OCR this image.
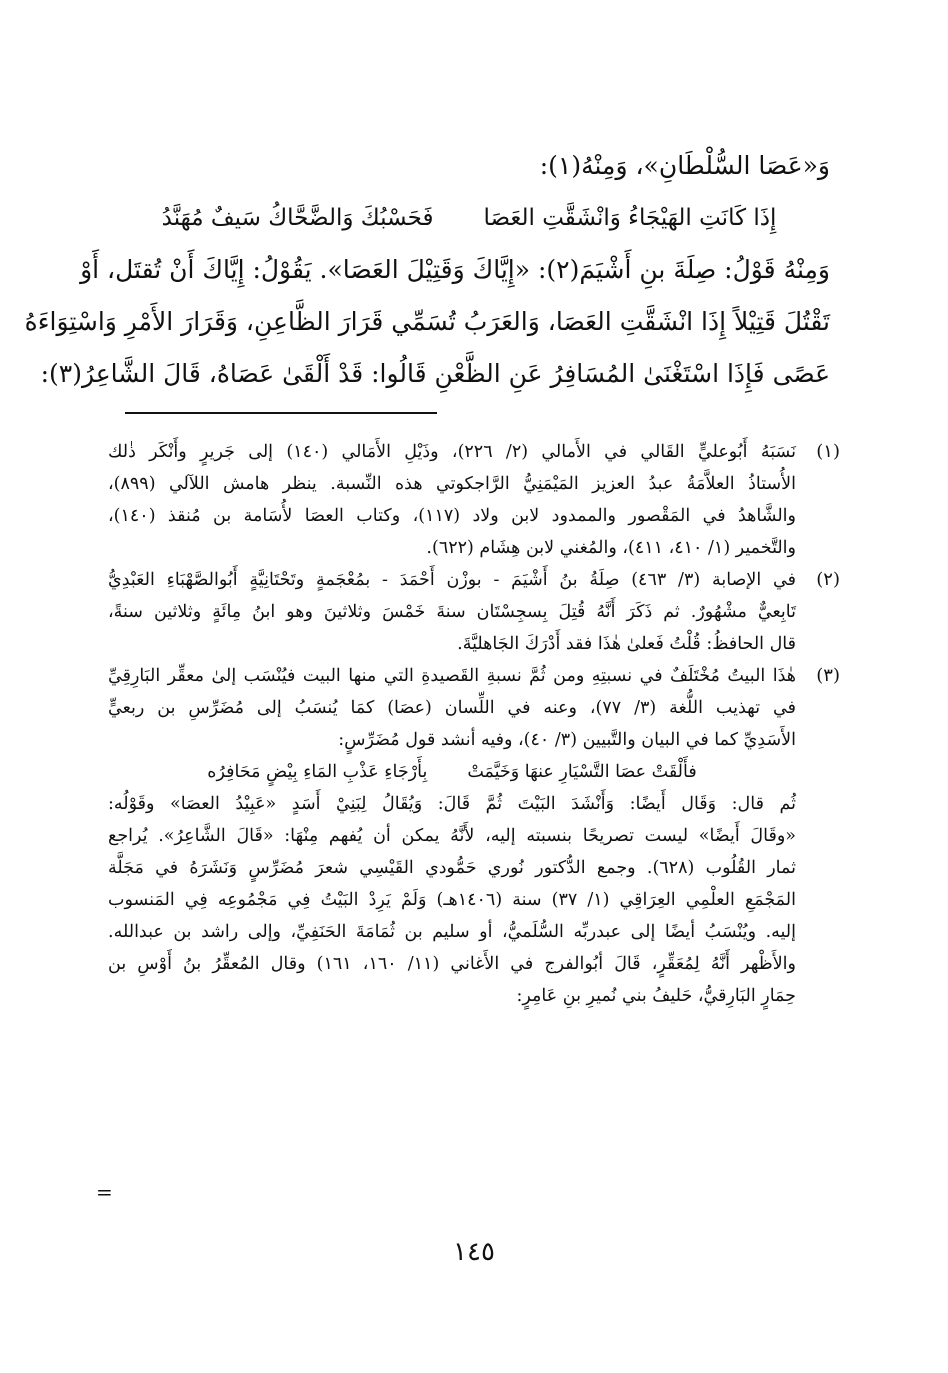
وَ«عَصَا السُّلْطَانِ»، وَمِنْهُ(١):
إِذَا كَانَتِ الهَيْجَاءُ وَانْشَقَّتِ العَصَا
فَحَسْبُكَ وَالضَّحَّاكُ سَيفٌ مُهَنَّدُ
وَمِنْهُ قَوْلُ: صِلَةَ بنِ أَشْيَمَ(٢): «إِيَّاكَ وَقَتِيْلَ العَصَا». يَقُوْلُ: إِيَّاكَ أَنْ تُقتَل، أَوْ
تَقْتُلَ قَتِيْلاً إِذَا انْشَقَّتِ العَصَا، وَالعَرَبُ تُسَمِّي قَرَارَ الظَّاعِنِ، وَقَرَارَ الأَمْرِ وَاسْتِوَاءَهُ
عَصًى فَإِذَا اسْتَغْنَىٰ المُسَافِرُ عَنِ الظَّعْنِ قَالُوا: قَدْ أَلْقَىٰ عَصَاهُ، قَالَ الشَّاعِرُ(٣):
(١)
نَسَبَهُ أَبُوعليٍّ القَالي في الأَمالي (٢/ ٢٢٦)، وذَيْلِ الأَمَالي (١٤٠) إلى جَريرٍ وأَنْكَر ذٰلك
الأُستاذُ العلاَّمَةُ عبدُ العزيز المَيْمَنِيُّ الرَّاجكوتي هذه النِّسبة. ينظر هامش اللآلي (٨٩٩)،
والشَّاهدُ في المَقْصور والممدود لابن ولاد (١١٧)، وكتاب العصَا لأُسَامة بن مُنقذ (١٤٠)،
والتَّخمير (١/ ٤١٠، ٤١١)، والمُغني لابن هِشَام (٦٢٢).
(٢)
في الإصابة (٣/ ٤٦٣) صِلَةُ بنُ أَشْيَمَ - بوزْن أَحْمَدَ - بمُعْجَمةٍ وتَحْتَانِيَّةٍ أَبُوالصَّهْبَاءِ العَبْدِيُّ
تَابِعيٌّ مشْهُورٌ. ثم ذَكَرَ أَنَّهُ قُتِلَ بِسجِسْتَان سنةَ خَمْسَ وثلاثينَ وهو ابنُ مِائَةٍ وثلاثين سنةً،
قال الحافظُ: قُلْتُ فَعلىٰ هٰذَا فقد أَدْرَكَ الجَاهليَّةَ.
(٣)
هٰذَا البيتُ مُخْتَلَفٌ في نسبتِهِ ومن ثُمَّ نسبةِ القَصيدةِ التي منها البيت فيُنْسَب إلىٰ معقِّر البَارِقِيِّ
في تهذيب اللُّغة (٣/ ٧٧)، وعنه في اللِّسان (عصَا) كمَا يُنسَبُ إلى مُضَرِّسِ بن ربعيٍّ
الأَسَدِيِّ كما في البيان والتَّبيين (٣/ ٤٠)، وفيه أنشد قول مُضَرِّسٍ:
فأَلْقَتْ عصَا التَّسْيَارِ عنهَا وَخَيَّمَتْ
بِأَرْجَاءِ عَذْبِ المَاءِ بِيْضٍ مَحَافِرُه
ثُم قال: وَقَال أَيضًا: وَأَنْشَدَ البَيْتَ ثُمَّ قَالَ: وَيُقَالُ لِبَنِيْ أَسَدٍ «عَبِيْدُ العصَا» وقَوْلُه:
«وقَالَ أَيضًا» ليست تصريحًا بنسبته إليه، لأَنَّهُ يمكن أن يُفهم مِنْهَا: «قَالَ الشَّاعِرُ». يُراجع
ثمار القُلُوب (٦٢٨). وجمع الدُّكتور نُوري حَمُّودي القَيْسِي شعرَ مُضَرِّسٍ وَنَشَرَهُ في مَجَلَّة
المَجْمَعِ العلْمِي العِرَاقِي (١/ ٣٧) سنة (١٤٠٦هـ) وَلَمْ يَرِدْ البَيْتُ فِي مَجْمُوعِه فِي المَنسوب
إليه. ويُنْسَبُ أيضًا إلى عبدربِّه السُّلَميُّ، أو سليم بن ثُمَامَةَ الحَنَفِيِّ، وإلى راشد بن عبدالله.
والأَظْهر أَنَّهُ لِمُعَقِّرٍ، قَالَ أبُوالفرج في الأَغاني (١١/ ١٦٠، ١٦١) وقال المُعقِّرُ بنُ أَوْسِ بن
حِمَارٍ البَارِقيُّ، حَليفُ بني نُميرِ بنِ عَامِرٍ:
=
١٤٥
